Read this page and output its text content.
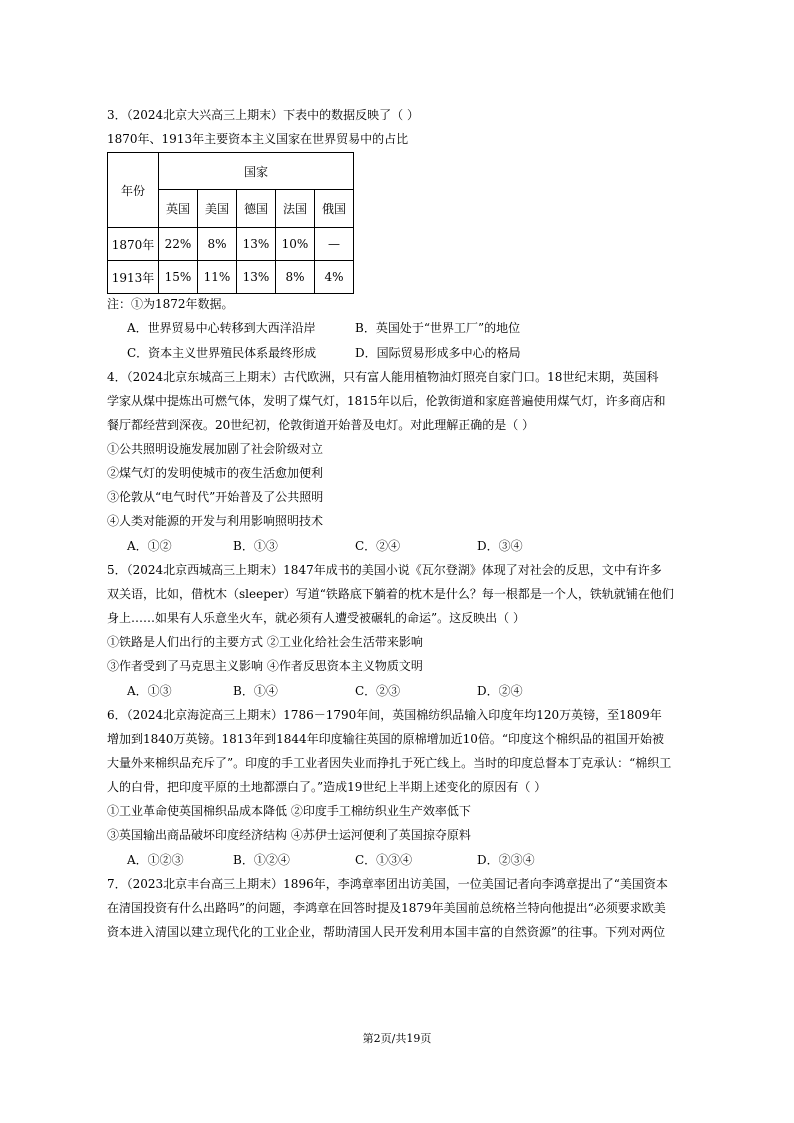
3．（2024北京大兴高三上期末）下表中的数据反映了（ ）
1870年、1913年主要资本主义国家在世界贸易中的占比
年份	国家				
	英国	美国	德国	法国	俄国
1870年	22%	8%	13%	10%	—
1913年	15%	11%	13%	8%	4%
注：①为1872年数据。
A．世界贸易中心转移到大西洋沿岸	B．英国处于“世界工厂”的地位
C．资本主义世界殖民体系最终形成	D．国际贸易形成多中心的格局
4．（2024北京东城高三上期末）古代欧洲，只有富人能用植物油灯照亮自家门口。18世纪末期，英国科
学家从煤中提炼出可燃气体，发明了煤气灯，1815年以后，伦敦街道和家庭普遍使用煤气灯，许多商店和
餐厅都经营到深夜。20世纪初，伦敦街道开始普及电灯。对此理解正确的是（ ）
①公共照明设施发展加剧了社会阶级对立
②煤气灯的发明使城市的夜生活愈加便利
③伦敦从“电气时代”开始普及了公共照明
④人类对能源的开发与利用影响照明技术
A．①②	B．①③	C．②④	D．③④
5．（2024北京西城高三上期末）1847年成书的美国小说《瓦尔登湖》体现了对社会的反思，文中有许多
双关语，比如，借枕木（sleeper）写道“铁路底下躺着的枕木是什么？每一根都是一个人，铁轨就铺在他们
身上……如果有人乐意坐火车，就必须有人遭受被碾轧的命运”。这反映出（ ）
①铁路是人们出行的主要方式 ②工业化给社会生活带来影响
③作者受到了马克思主义影响 ④作者反思资本主义物质文明
A．①③	B．①④	C．②③	D．②④
6．（2024北京海淀高三上期末）1786－1790年间，英国棉纺织品输入印度年均120万英镑，至1809年
增加到1840万英镑。1813年到1844年印度输往英国的原棉增加近10倍。“印度这个棉织品的祖国开始被
大量外来棉织品充斥了”。印度的手工业者因失业而挣扎于死亡线上。当时的印度总督本丁克承认：“棉织工
人的白骨，把印度平原的土地都漂白了。”造成19世纪上半期上述变化的原因有（ ）
①工业革命使英国棉织品成本降低 ②印度手工棉纺织业生产效率低下
③英国输出商品破坏印度经济结构 ④苏伊士运河便利了英国掠夺原料
A．①②③	B．①②④	C．①③④	D．②③④
7．（2023北京丰台高三上期末）1896年，李鸿章率团出访美国，一位美国记者向李鸿章提出了“美国资本
在清国投资有什么出路吗”的问题，李鸿章在回答时提及1879年美国前总统格兰特向他提出“必须要求欧美
资本进入清国以建立现代化的工业企业，帮助清国人民开发利用本国丰富的自然资源”的往事。下列对两位
第2页/共19页
